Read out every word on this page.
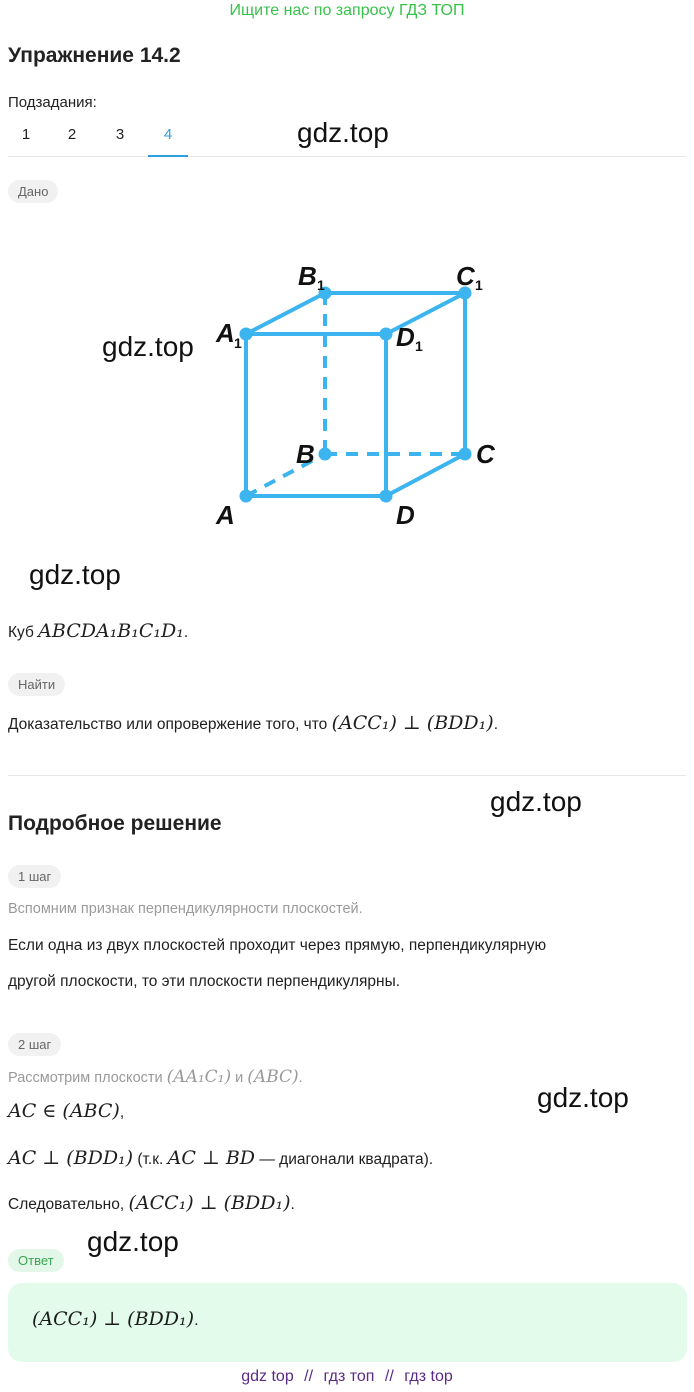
Ищите нас по запросу ГДЗ ТОП
Упражнение 14.2
Подзадания:
1	2	3	4	gdz.top
Дано
A	D
B	C
A	D
B	C
1	1
1	1
gdz.top
gdz.top
Куб ABCDA₁B₁C₁D₁.
Найти
Доказательство или опровержение того, что (ACC₁) ⊥ (BDD₁).
gdz.top
Подробное решение
1 шаг
Вспомним признак перпендикулярности плоскостей.
Если одна из двух плоскостей проходит через прямую, перпендикулярную
другой плоскости, то эти плоскости перпендикулярны.
2 шаг
Рассмотрим плоскости (AA₁C₁) и (ABC).
gdz.top
AC ∈ (ABC),
AC ⊥ (BDD₁) (т.к. AC ⊥ BD — диагонали квадрата).
Следовательно, (ACC₁) ⊥ (BDD₁).
gdz.top
Ответ
(ACC₁) ⊥ (BDD₁).
gdz top // гдз топ // гдз top
